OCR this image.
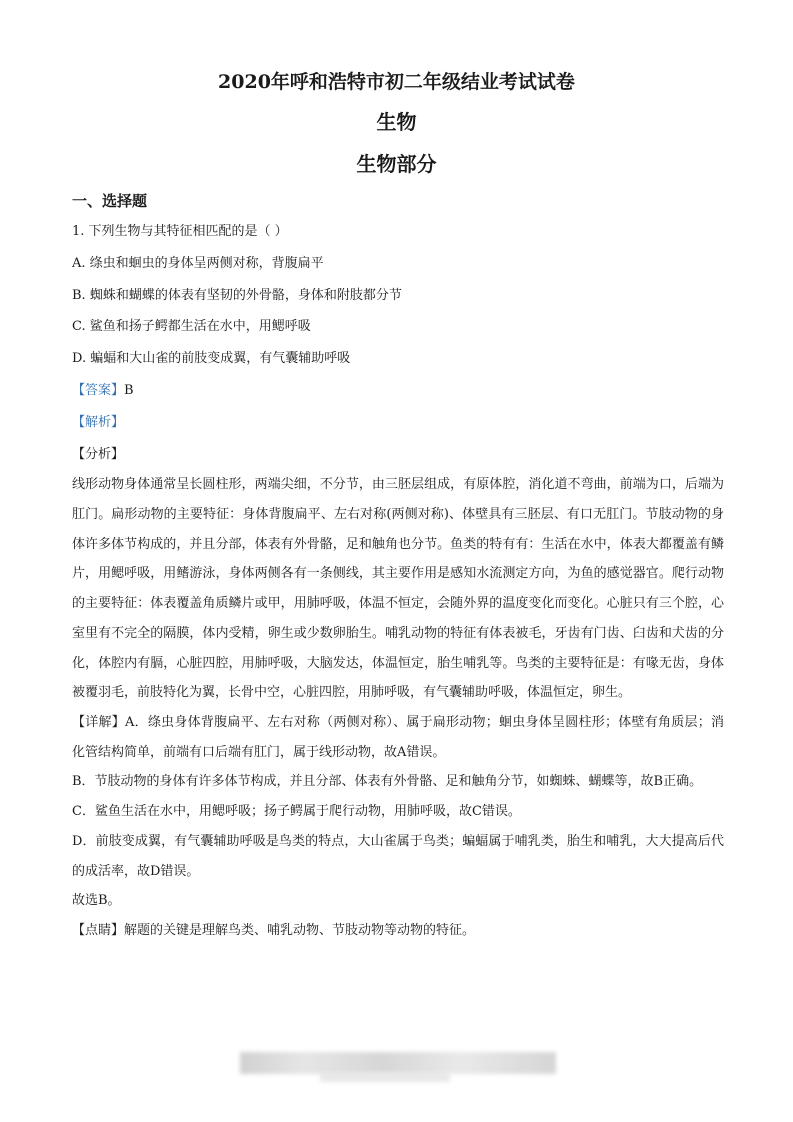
2020年呼和浩特市初二年级结业考试试卷
生物
生物部分
一、选择题
1. 下列生物与其特征相匹配的是（ ）
A. 绦虫和蛔虫的身体呈两侧对称，背腹扁平
B. 蜘蛛和蝴蝶的体表有坚韧的外骨骼，身体和附肢都分节
C. 鲨鱼和扬子鳄都生活在水中，用鳃呼吸
D. 蝙蝠和大山雀的前肢变成翼，有气囊辅助呼吸
【答案】B
【解析】
【分析】
线形动物身体通常呈长圆柱形，两端尖细，不分节，由三胚层组成，有原体腔，消化道不弯曲，前端为口，后端为肛门。扁形动物的主要特征：身体背腹扁平、左右对称(两侧对称)、体壁具有三胚层、有口无肛门。节肢动物的身体许多体节构成的，并且分部，体表有外骨骼，足和触角也分节。鱼类的特有有：生活在水中，体表大都覆盖有鳞片，用鳃呼吸，用鳍游泳，身体两侧各有一条侧线，其主要作用是感知水流测定方向，为鱼的感觉器官。爬行动物的主要特征：体表覆盖角质鳞片或甲，用肺呼吸，体温不恒定，会随外界的温度变化而变化。心脏只有三个腔，心室里有不完全的隔膜，体内受精，卵生或少数卵胎生。哺乳动物的特征有体表被毛，牙齿有门齿、臼齿和犬齿的分化，体腔内有膈，心脏四腔，用肺呼吸，大脑发达，体温恒定，胎生哺乳等。鸟类的主要特征是：有喙无齿，身体被覆羽毛，前肢特化为翼，长骨中空，心脏四腔，用肺呼吸，有气囊辅助呼吸，体温恒定，卵生。
【详解】A．绦虫身体背腹扁平、左右对称（两侧对称）、属于扁形动物；蛔虫身体呈圆柱形；体壁有角质层；消化管结构简单，前端有口后端有肛门，属于线形动物，故A错误。
B．节肢动物的身体有许多体节构成，并且分部、体表有外骨骼、足和触角分节，如蜘蛛、蝴蝶等，故B正确。
C．鲨鱼生活在水中，用鳃呼吸；扬子鳄属于爬行动物，用肺呼吸，故C错误。
D．前肢变成翼，有气囊辅助呼吸是鸟类的特点，大山雀属于鸟类；蝙蝠属于哺乳类，胎生和哺乳，大大提高后代的成活率，故D错误。
故选B。
【点睛】解题的关键是理解鸟类、哺乳动物、节肢动物等动物的特征。
